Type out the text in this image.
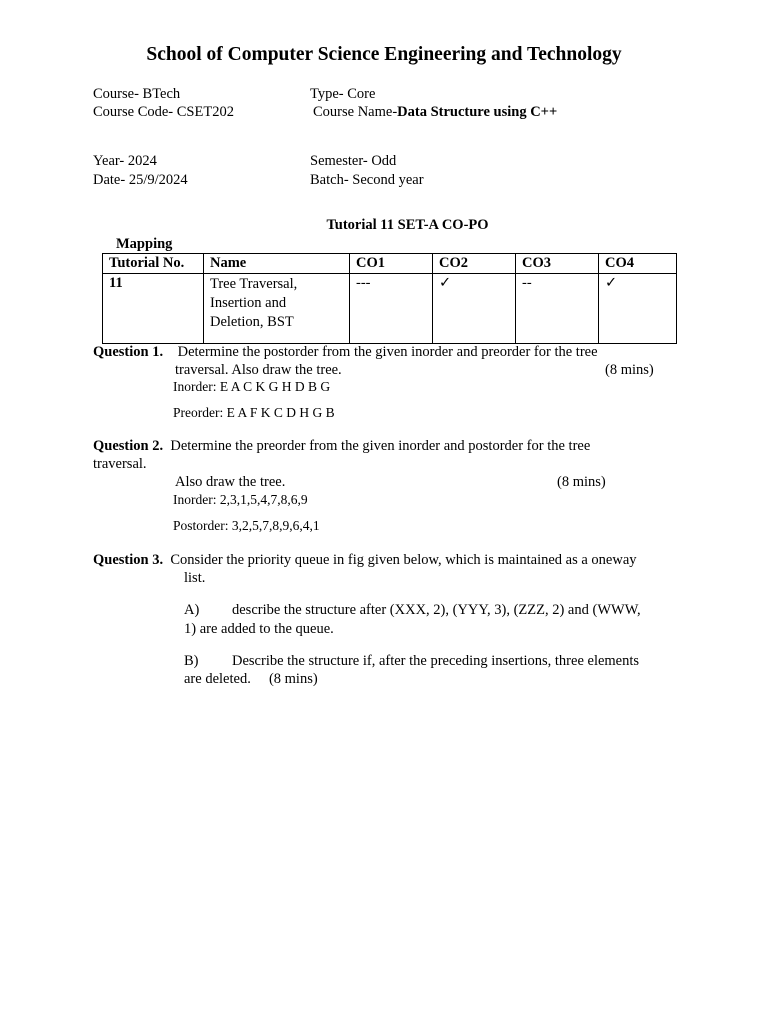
School of Computer Science Engineering and Technology
Course- BTech	Type- Core
Course Code- CSET202	Course Name-Data Structure using C++
Year- 2024	Semester- Odd
Date- 25/9/2024	Batch- Second year
Tutorial 11 SET-A CO-PO
Mapping
Tutorial No.	Name	CO1	CO2	CO3	CO4
11	Tree Traversal,
Insertion and
Deletion, BST	---	✓	--	✓
Question 1. Determine the postorder from the given inorder and preorder for the tree
traversal. Also draw the tree.	(8 mins)
Inorder: E A C K G H D B G
Preorder: E A F K C D H G B
Question 2. Determine the preorder from the given inorder and postorder for the tree
traversal.
Also draw the tree.	(8 mins)
Inorder: 2,3,1,5,4,7,8,6,9
Postorder: 3,2,5,7,8,9,6,4,1
Question 3. Consider the priority queue in fig given below, which is maintained as a oneway
list.
A) describe the structure after (XXX, 2), (YYY, 3), (ZZZ, 2) and (WWW,
1) are added to the queue.
B) Describe the structure if, after the preceding insertions, three elements
are deleted. (8 mins)
